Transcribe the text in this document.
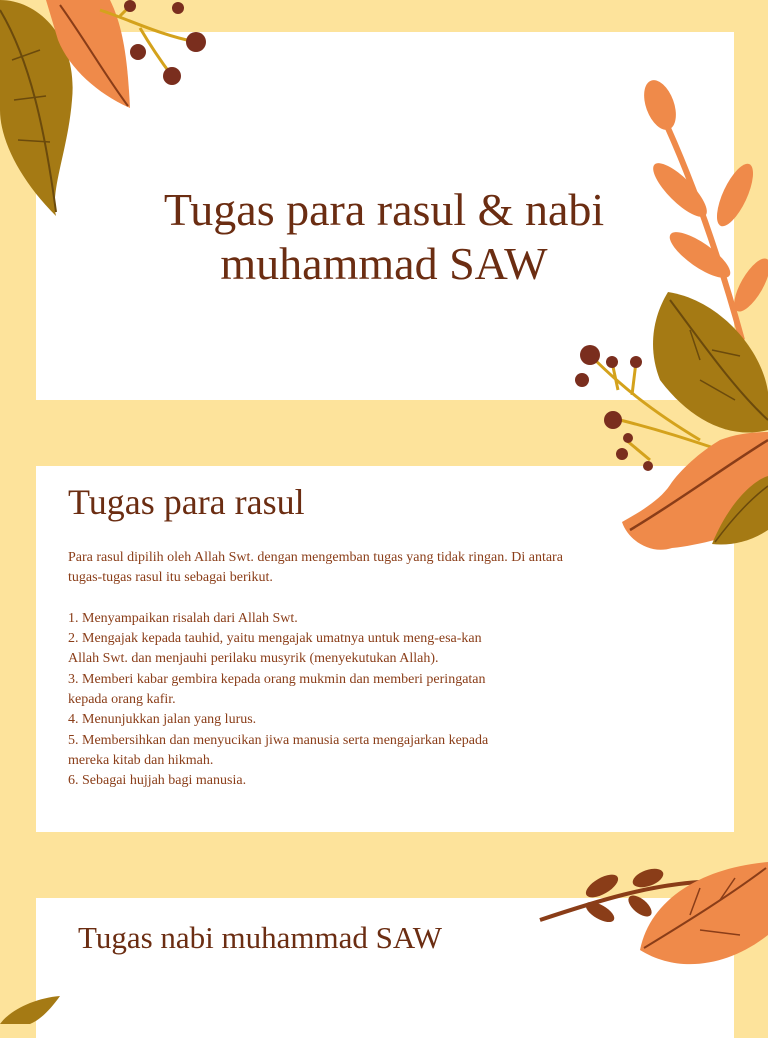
Tugas para rasul & nabi
muhammad SAW
Tugas para rasul

Para rasul dipilih oleh Allah Swt. dengan mengemban tugas yang tidak ringan. Di antara

tugas-tugas rasul itu sebagai berikut.

1. Menyampaikan risalah dari Allah Swt.

2. Mengajak kepada tauhid, yaitu mengajak umatnya untuk meng-esa-kan

Allah Swt. dan menjauhi perilaku musyrik (menyekutukan Allah).

3. Memberi kabar gembira kepada orang mukmin dan memberi peringatan

kepada orang kafir.

4. Menunjukkan jalan yang lurus.

5. Membersihkan dan menyucikan jiwa manusia serta mengajarkan kepada

mereka kitab dan hikmah.

6. Sebagai hujjah bagi manusia.

Tugas nabi muhammad SAW
